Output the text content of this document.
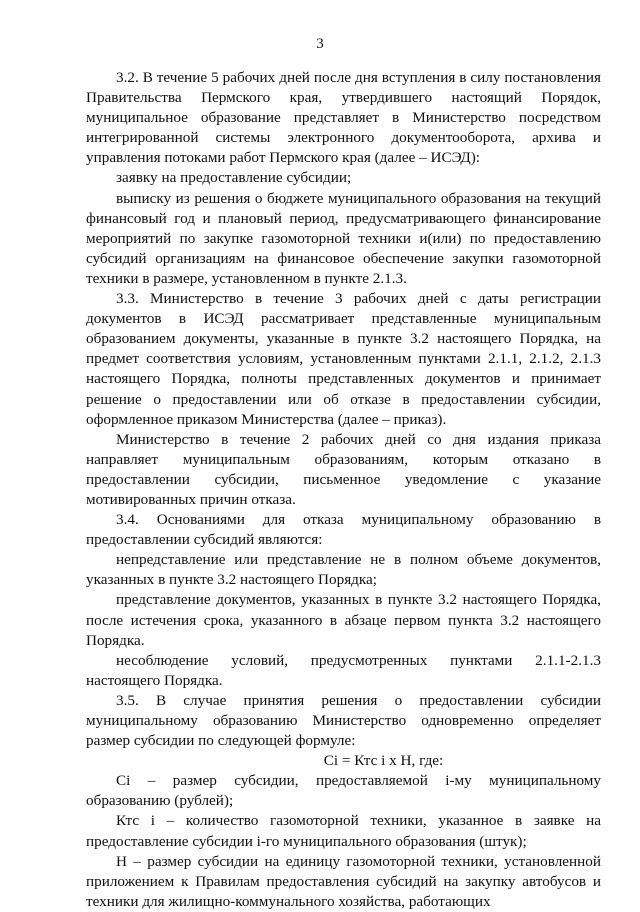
3

3.2. В течение 5 рабочих дней после дня вступления в силу постановления Правительства Пермского края, утвердившего настоящий Порядок, муниципальное образование представляет в Министерство посредством интегрированной системы электронного документооборота, архива и управления потоками работ Пермского края (далее – ИСЭД):

заявку на предоставление субсидии;

выписку из решения о бюджете муниципального образования на текущий финансовый год и плановый период, предусматривающего финансирование мероприятий по закупке газомоторной техники и(или) по предоставлению субсидий организациям на финансовое обеспечение закупки газомоторной техники в размере, установленном в пункте 2.1.3.

3.3. Министерство в течение 3 рабочих дней с даты регистрации документов в ИСЭД рассматривает представленные муниципальным образованием документы, указанные в пункте 3.2 настоящего Порядка, на предмет соответствия условиям, установленным пунктами 2.1.1, 2.1.2, 2.1.3 настоящего Порядка, полноты представленных документов и принимает решение о предоставлении или об отказе в предоставлении субсидии, оформленное приказом Министерства (далее – приказ).

Министерство в течение 2 рабочих дней со дня издания приказа направляет муниципальным образованиям, которым отказано в предоставлении субсидии, письменное уведомление с указание мотивированных причин отказа.

3.4. Основаниями для отказа муниципальному образованию в предоставлении субсидий являются:

непредставление или представление не в полном объеме документов, указанных в пункте 3.2 настоящего Порядка;

представление документов, указанных в пункте 3.2 настоящего Порядка, после истечения срока, указанного в абзаце первом пункта 3.2 настоящего Порядка.

несоблюдение условий, предусмотренных пунктами 2.1.1-2.1.3 настоящего Порядка.

3.5. В случае принятия решения о предоставлении субсидии муниципальному образованию Министерство одновременно определяет размер субсидии по следующей формуле:

Ci = Ктс i х Н, где:

Ci – размер субсидии, предоставляемой i-му муниципальному образованию (рублей);

Ктс i – количество газомоторной техники, указанное в заявке на предоставление субсидии i-го муниципального образования (штук);

Н – размер субсидии на единицу газомоторной техники, установленной приложением к Правилам предоставления субсидий на закупку автобусов и техники для жилищно-коммунального хозяйства, работающих
